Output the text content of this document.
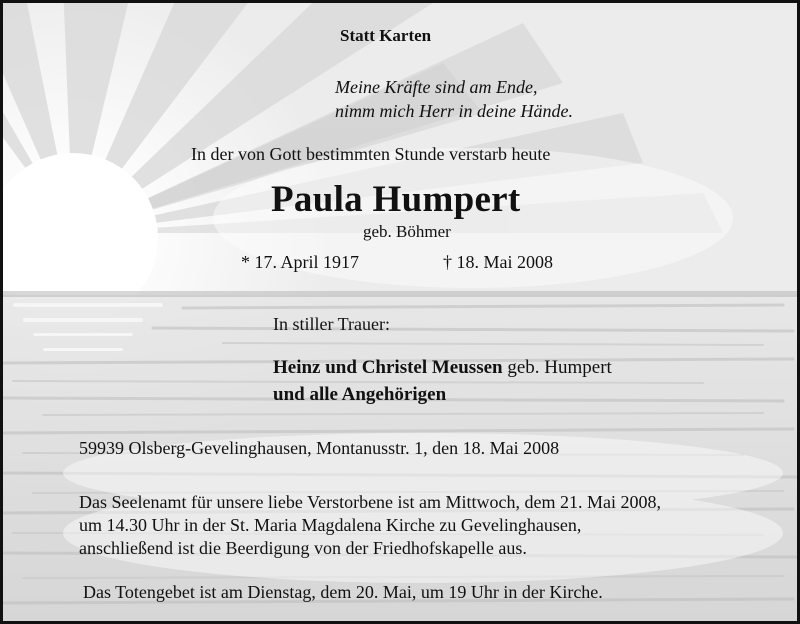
Statt Karten
Meine Kräfte sind am Ende,
nimm mich Herr in deine Hände.
In der von Gott bestimmten Stunde verstarb heute
Paula Humpert
geb. Böhmer
* 17. April 1917	† 18. Mai 2008
In stiller Trauer:
Heinz und Christel Meussen geb. Humpert
und alle Angehörigen
59939 Olsberg-Gevelinghausen, Montanusstr. 1, den 18. Mai 2008
Das Seelenamt für unsere liebe Verstorbene ist am Mittwoch, dem 21. Mai 2008,
um 14.30 Uhr in der St. Maria Magdalena Kirche zu Gevelinghausen,
anschließend ist die Beerdigung von der Friedhofskapelle aus.
Das Totengebet ist am Dienstag, dem 20. Mai, um 19 Uhr in der Kirche.
